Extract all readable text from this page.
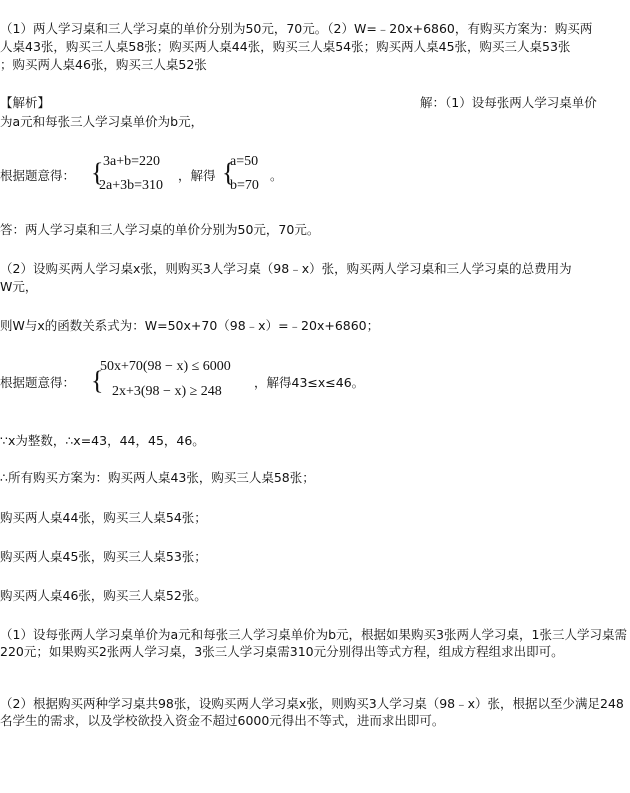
（1）两人学习桌和三人学习桌的单价分别为50元，70元。（2）W=﹣20x+6860，有购买方案为：购买两
人桌43张，购买三人桌58张；购买两人桌44张，购买三人桌54张；购买两人桌45张，购买三人桌53张
；购买两人桌46张，购买三人桌52张
【解析】	解：（1）设每张两人学习桌单价
为a元和每张三人学习桌单价为b元，
根据题意得： { 3a+b=220
2a+3b=310
，解得 {
a=50
b=70
。
答：两人学习桌和三人学习桌的单价分别为50元，70元。
（2）设购买两人学习桌x张，则购买3人学习桌（98﹣x）张，购买两人学习桌和三人学习桌的总费用为
W元，
则W与x的函数关系式为：W=50x+70（98﹣x）=﹣20x+6860；
根据题意得： {
50x+70(98 − x) ≤ 6000
2x+3(98 − x) ≥ 248
，解得43≤x≤46。
∵x为整数，∴x=43，44，45，46。
∴所有购买方案为：购买两人桌43张，购买三人桌58张；
购买两人桌44张，购买三人桌54张；
购买两人桌45张，购买三人桌53张；
购买两人桌46张，购买三人桌52张。
（1）设每张两人学习桌单价为a元和每张三人学习桌单价为b元，根据如果购买3张两人学习桌，1张三人学习桌需220元；如果购买2张两人学习桌，3张三人学习桌需310元分别得出等式方程，组成方程组求出即可。
（2）根据购买两种学习桌共98张，设购买两人学习桌x张，则购买3人学习桌（98﹣x）张，根据以至少满足248名学生的需求，以及学校欲投入资金不超过6000元得出不等式，进而求出即可。
